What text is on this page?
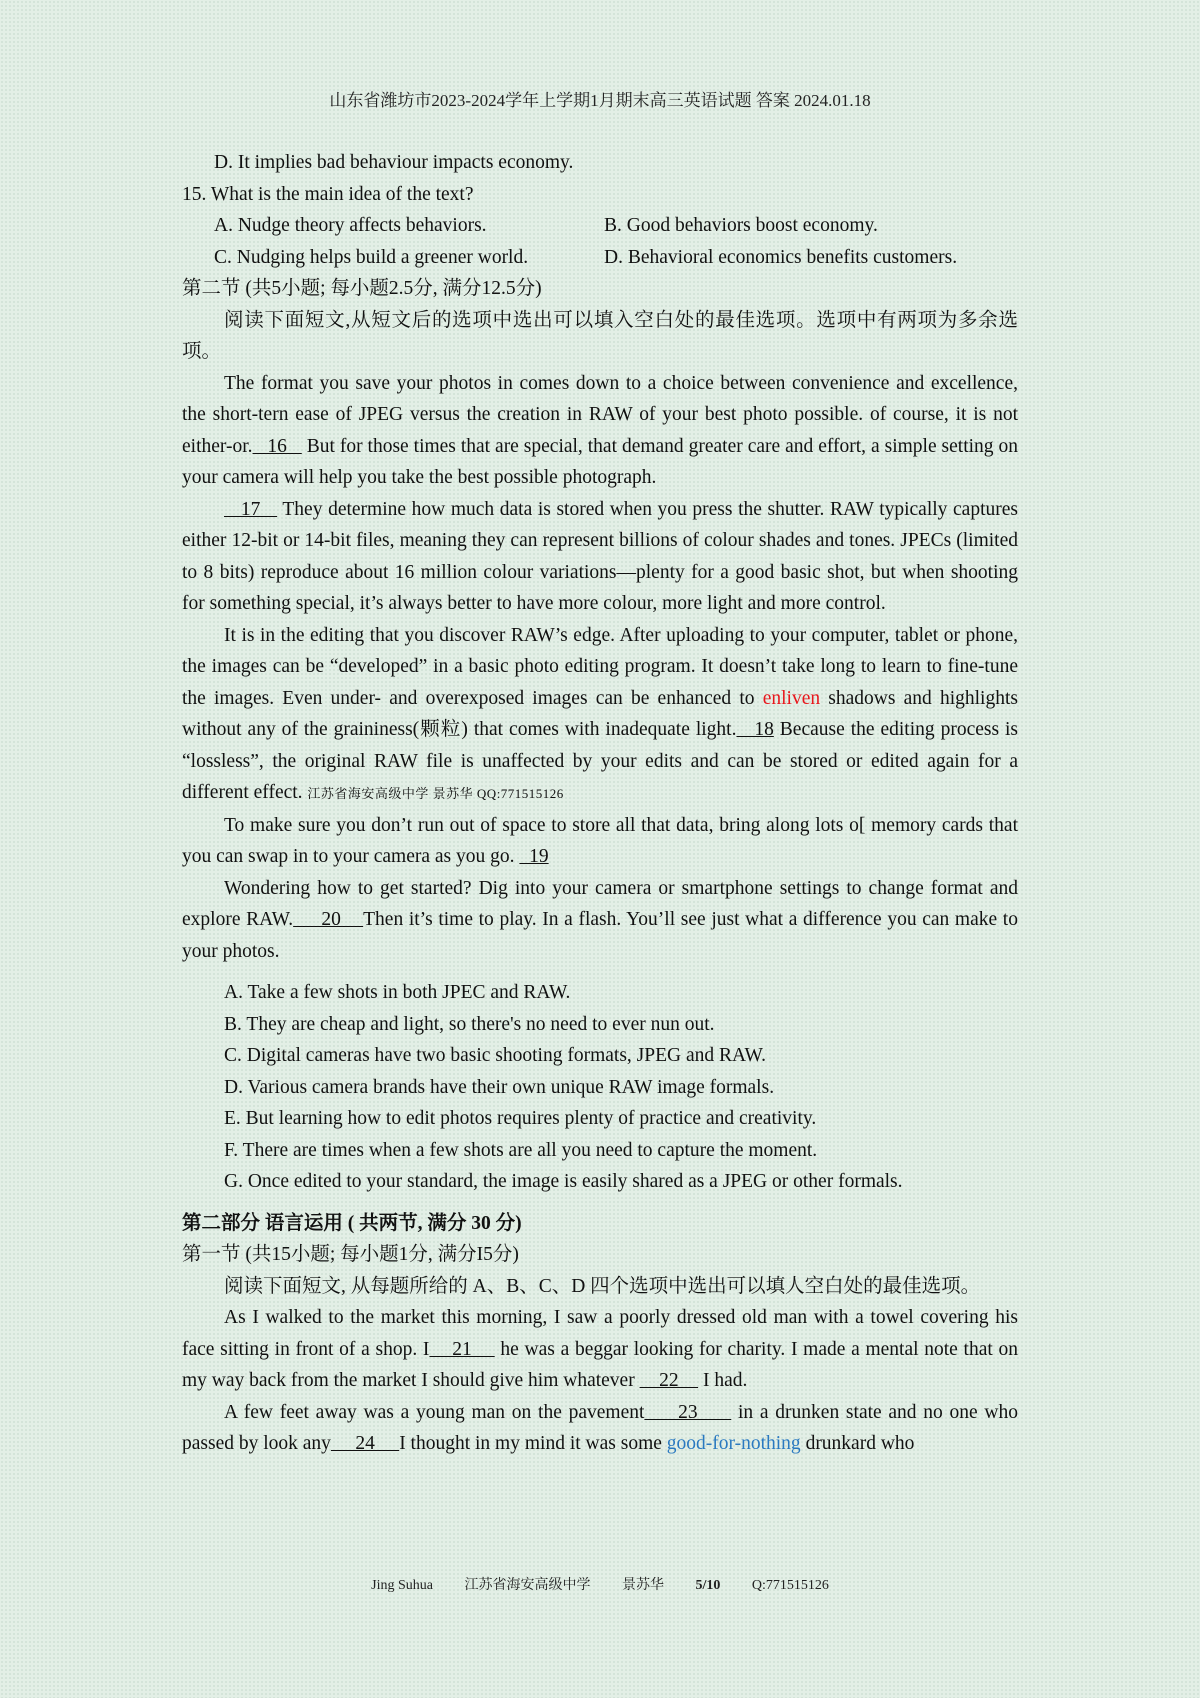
山东省潍坊市2023-2024学年上学期1月期末高三英语试题 答案 2024.01.18

D. It implies bad behaviour impacts economy.

15. What is the main idea of the text?

A. Nudge theory affects behaviors.	B. Good behaviors boost economy.
C. Nudging helps build a greener world.	D. Behavioral economics benefits customers.

第二节 (共5小题; 每小题2.5分, 满分12.5分)

阅读下面短文,从短文后的选项中选出可以填入空白处的最佳选项。选项中有两项为多余选项。

The format you save your photos in comes down to a choice between convenience and excellence, the short-tern ease of JPEG versus the creation in RAW of your best photo possible. of course, it is not either-or.   16    But for those times that are special, that demand greater care and effort, a simple setting on your camera will help you take the best possible photograph.

17    They determine how much data is stored when you press the shutter. RAW typically captures either 12-bit or 14-bit files, meaning they can represent billions of colour shades and tones. JPECs (limited to 8 bits) reproduce about 16 million colour variations—plenty for a good basic shot, but when shooting for something special, it’s always better to have more colour, more light and more control.

It is in the editing that you discover RAW’s edge. After uploading to your computer, tablet or phone, the images can be “developed” in a basic photo editing program. It doesn’t take long to learn to fine-tune the images. Even under- and overexposed images can be enhanced to enliven shadows and highlights without any of the graininess(颗粒) that comes with inadequate light.   18 Because the editing process is “lossless”, the original RAW file is unaffected by your edits and can be stored or edited again for a different effect. 江苏省海安高级中学 景苏华 QQ:771515126

To make sure you don’t run out of space to store all that data, bring along lots o[ memory cards that you can swap in to your camera as you go.   19

Wondering how to get started? Dig into your camera or smartphone settings to change format and explore RAW.     20    Then it’s time to play. In a flash. You’ll see just what a difference you can make to your photos.

A. Take a few shots in both JPEC and RAW.

B. They are cheap and light, so there's no need to ever nun out.

C. Digital cameras have two basic shooting formats, JPEG and RAW.

D. Various camera brands have their own unique RAW image formals.

E. But learning how to edit photos requires plenty of practice and creativity.

F. There are times when a few shots are all you need to capture the moment.

G. Once edited to your standard, the image is easily shared as a JPEG or other formals.

第二部分 语言运用 ( 共两节, 满分 30 分)

第一节 (共15小题; 每小题1分, 满分I5分)

阅读下面短文, 从每题所给的 A、B、C、D 四个选项中选出可以填人空白处的最佳选项。

As I walked to the market this morning, I saw a poorly dressed old man with a towel covering his face sitting in front of a shop. I    21     he was a beggar looking for charity. I made a mental note that on my way back from the market I should give him whatever     22     I had.

A few feet away was a young man on the pavement     23      in a drunken state and no one who passed by look any     24     I thought in my mind it was some good-for-nothing drunkard who

Jing Suhua 江苏省海安高级中学 景苏华 5/10 Q:771515126
